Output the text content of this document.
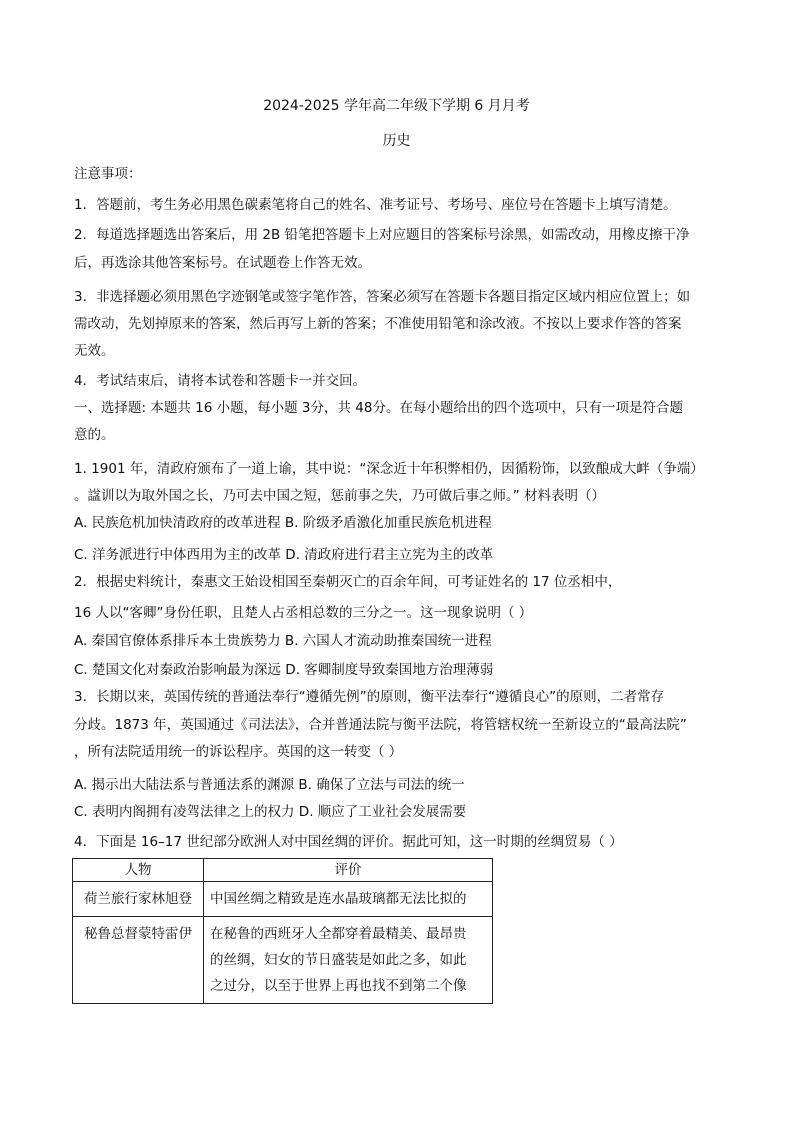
2024-2025 学年高二年级下学期 6 月月考
历史
注意事项：
1．答题前，考生务必用黑色碳素笔将自己的姓名、准考证号、考场号、座位号在答题卡上填写清楚。
2．每道选择题选出答案后，用 2B 铅笔把答题卡上对应题目的答案标号涂黑，如需改动，用橡皮擦干净
后，再选涂其他答案标号。在试题卷上作答无效。
3．非选择题必须用黑色字迹钢笔或签字笔作答，答案必须写在答题卡各题目指定区域内相应位置上；如
需改动，先划掉原来的答案，然后再写上新的答案；不准使用铅笔和涂改液。不按以上要求作答的答案
无效。
4．考试结束后，请将本试卷和答题卡一并交回。
一、选择题: 本题共 16 小题，每小题 3分，共 48分。在每小题给出的四个选项中，只有一项是符合题
意的。
1. 1901 年，清政府颁布了一道上谕，其中说：“深念近十年积弊相仍，因循粉饰，以致酿成大衅（争端）
。諡训以为取外国之长，乃可去中国之短，惩前事之失，乃可做后事之师。” 材料表明（）
A. 民族危机加快清政府的改革进程 B. 阶级矛盾激化加重民族危机进程
C. 洋务派进行中体西用为主的改革 D. 清政府进行君主立宪为主的改革
2．根据史料统计，秦惠文王始设相国至秦朝灭亡的百余年间，可考证姓名的 17 位丞相中，
16 人以“客卿”身份任职，且楚人占丞相总数的三分之一。这一现象说明（ ）
A. 秦国官僚体系排斥本土贵族势力 B. 六国人才流动助推秦国统一进程
C. 楚国文化对秦政治影响最为深远 D. 客卿制度导致秦国地方治理薄弱
3．长期以来，英国传统的普通法奉行“遵循先例”的原则，衡平法奉行“遵循良心”的原则，二者常存
分歧。1873 年，英国通过《司法法》，合并普通法院与衡平法院，将管辖权统一至新设立的“最高法院”
，所有法院适用统一的诉讼程序。英国的这一转变（ ）
A. 揭示出大陆法系与普通法系的渊源 B. 确保了立法与司法的统一
C. 表明内阁拥有凌驾法律之上的权力 D. 顺应了工业社会发展需要
4．下面是 16–17 世纪部分欧洲人对中国丝绸的评价。据此可知，这一时期的丝绸贸易（ ）
人物	评价
荷兰旅行家林旭登	中国丝绸之精致是连水晶玻璃都无法比拟的
秘鲁总督蒙特雷伊	在秘鲁的西班牙人全都穿着最精美、最昂贵
的丝绸，妇女的节日盛装是如此之多，如此
之过分，以至于世界上再也找不到第二个像
